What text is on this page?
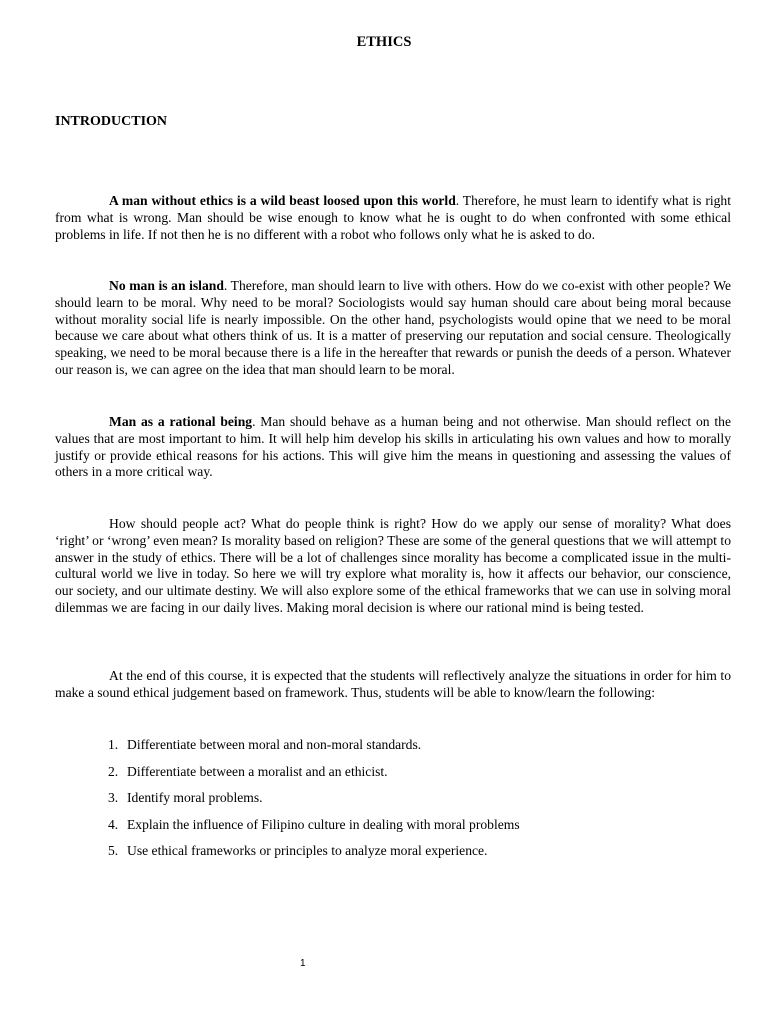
ETHICS
INTRODUCTION

A man without ethics is a wild beast loosed upon this world. Therefore, he must learn to identify what is right from what is wrong. Man should be wise enough to know what he is ought to do when confronted with some ethical problems in life. If not then he is no different with a robot who follows only what he is asked to do.

No man is an island. Therefore, man should learn to live with others. How do we co-exist with other people? We should learn to be moral. Why need to be moral? Sociologists would say human should care about being moral because without morality social life is nearly impossible. On the other hand, psychologists would opine that we need to be moral because we care about what others think of us. It is a matter of preserving our reputation and social censure. Theologically speaking, we need to be moral because there is a life in the hereafter that rewards or punish the deeds of a person. Whatever our reason is, we can agree on the idea that man should learn to be moral.

Man as a rational being. Man should behave as a human being and not otherwise. Man should reflect on the values that are most important to him. It will help him develop his skills in articulating his own values and how to morally justify or provide ethical reasons for his actions. This will give him the means in questioning and assessing the values of others in a more critical way.

How should people act? What do people think is right? How do we apply our sense of morality? What does ‘right’ or ‘wrong’ even mean? Is morality based on religion? These are some of the general questions that we will attempt to answer in the study of ethics. There will be a lot of challenges since morality has become a complicated issue in the multi-cultural world we live in today. So here we will try explore what morality is, how it affects our behavior, our conscience, our society, and our ultimate destiny. We will also explore some of the ethical frameworks that we can use in solving moral dilemmas we are facing in our daily lives. Making moral decision is where our rational mind is being tested.

At the end of this course, it is expected that the students will reflectively analyze the situations in order for him to make a sound ethical judgement based on framework. Thus, students will be able to know/learn the following:

1. Differentiate between moral and non-moral standards.
2. Differentiate between a moralist and an ethicist.
3. Identify moral problems.
4. Explain the influence of Filipino culture in dealing with moral problems
5. Use ethical frameworks or principles to analyze moral experience.
1
